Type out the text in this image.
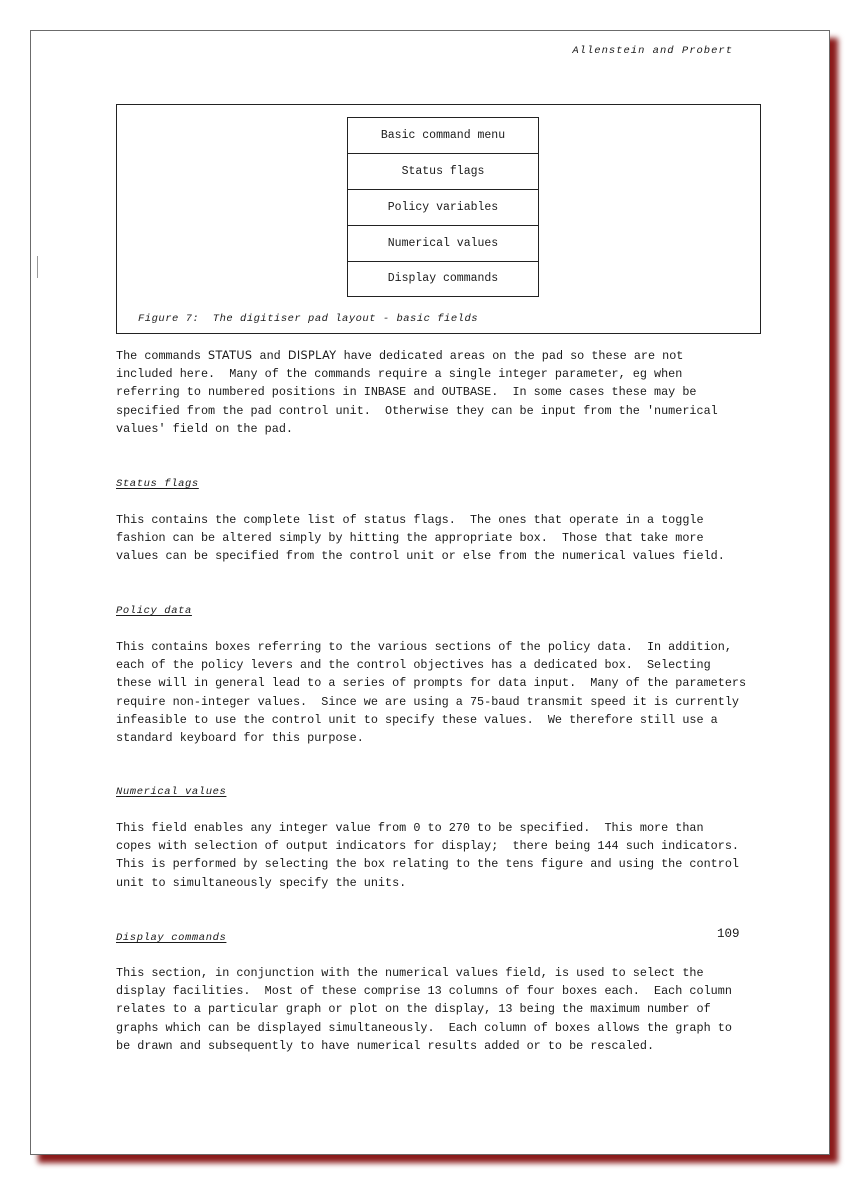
Allenstein and Probert
Basic command menu
Status flags
Policy variables
Numerical values
Display commands
Figure 7:  The digitiser pad layout - basic fields

The commands STATUS and DISPLAY have dedicated areas on the pad so these are not
included here.  Many of the commands require a single integer parameter, eg when
referring to numbered positions in INBASE and OUTBASE.  In some cases these may be
specified from the pad control unit.  Otherwise they can be input from the 'numerical
values' field on the pad.

Status flags

This contains the complete list of status flags.  The ones that operate in a toggle
fashion can be altered simply by hitting the appropriate box.  Those that take more
values can be specified from the control unit or else from the numerical values field.

Policy data

This contains boxes referring to the various sections of the policy data.  In addition,
each of the policy levers and the control objectives has a dedicated box.  Selecting
these will in general lead to a series of prompts for data input.  Many of the parameters
require non-integer values.  Since we are using a 75-baud transmit speed it is currently
infeasible to use the control unit to specify these values.  We therefore still use a
standard keyboard for this purpose.

Numerical values

This field enables any integer value from 0 to 270 to be specified.  This more than
copes with selection of output indicators for display;  there being 144 such indicators.
This is performed by selecting the box relating to the tens figure and using the control
unit to simultaneously specify the units.

Display commands

This section, in conjunction with the numerical values field, is used to select the
display facilities.  Most of these comprise 13 columns of four boxes each.  Each column
relates to a particular graph or plot on the display, 13 being the maximum number of
graphs which can be displayed simultaneously.  Each column of boxes allows the graph to
be drawn and subsequently to have numerical results added or to be rescaled.

109
